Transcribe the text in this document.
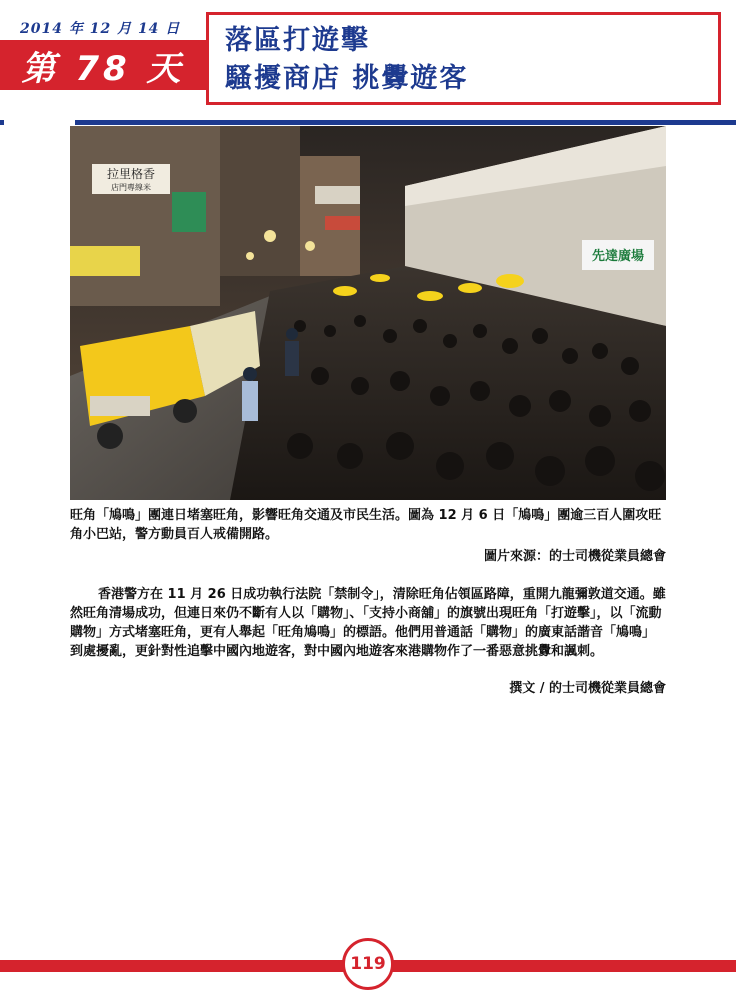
2014 年 12 月 14 日
第 78 天
落區打遊擊
騷擾商店 挑釁遊客
拉里格香
店門專線米
先達廣場
旺角「鳩鳴」團連日堵塞旺角，影響旺角交通及市民生活。圖為 12 月 6 日「鳩鳴」團逾三百人圍攻旺角小巴站，警方動員百人戒備開路。
圖片來源：的士司機從業員總會
香港警方在 11 月 26 日成功執行法院「禁制令」，清除旺角佔領區路障，重開九龍彌敦道交通。雖然旺角清場成功，但連日來仍不斷有人以「購物」、「支持小商舖」的旗號出現旺角「打遊擊」，以「流動購物」方式堵塞旺角，更有人舉起「旺角鳩鳴」的標語。他們用普通話「購物」的廣東話諧音「鳩鳴」到處擾亂，更針對性追擊中國內地遊客，對中國內地遊客來港購物作了一番惡意挑釁和諷刺。
撰文 / 的士司機從業員總會
119
